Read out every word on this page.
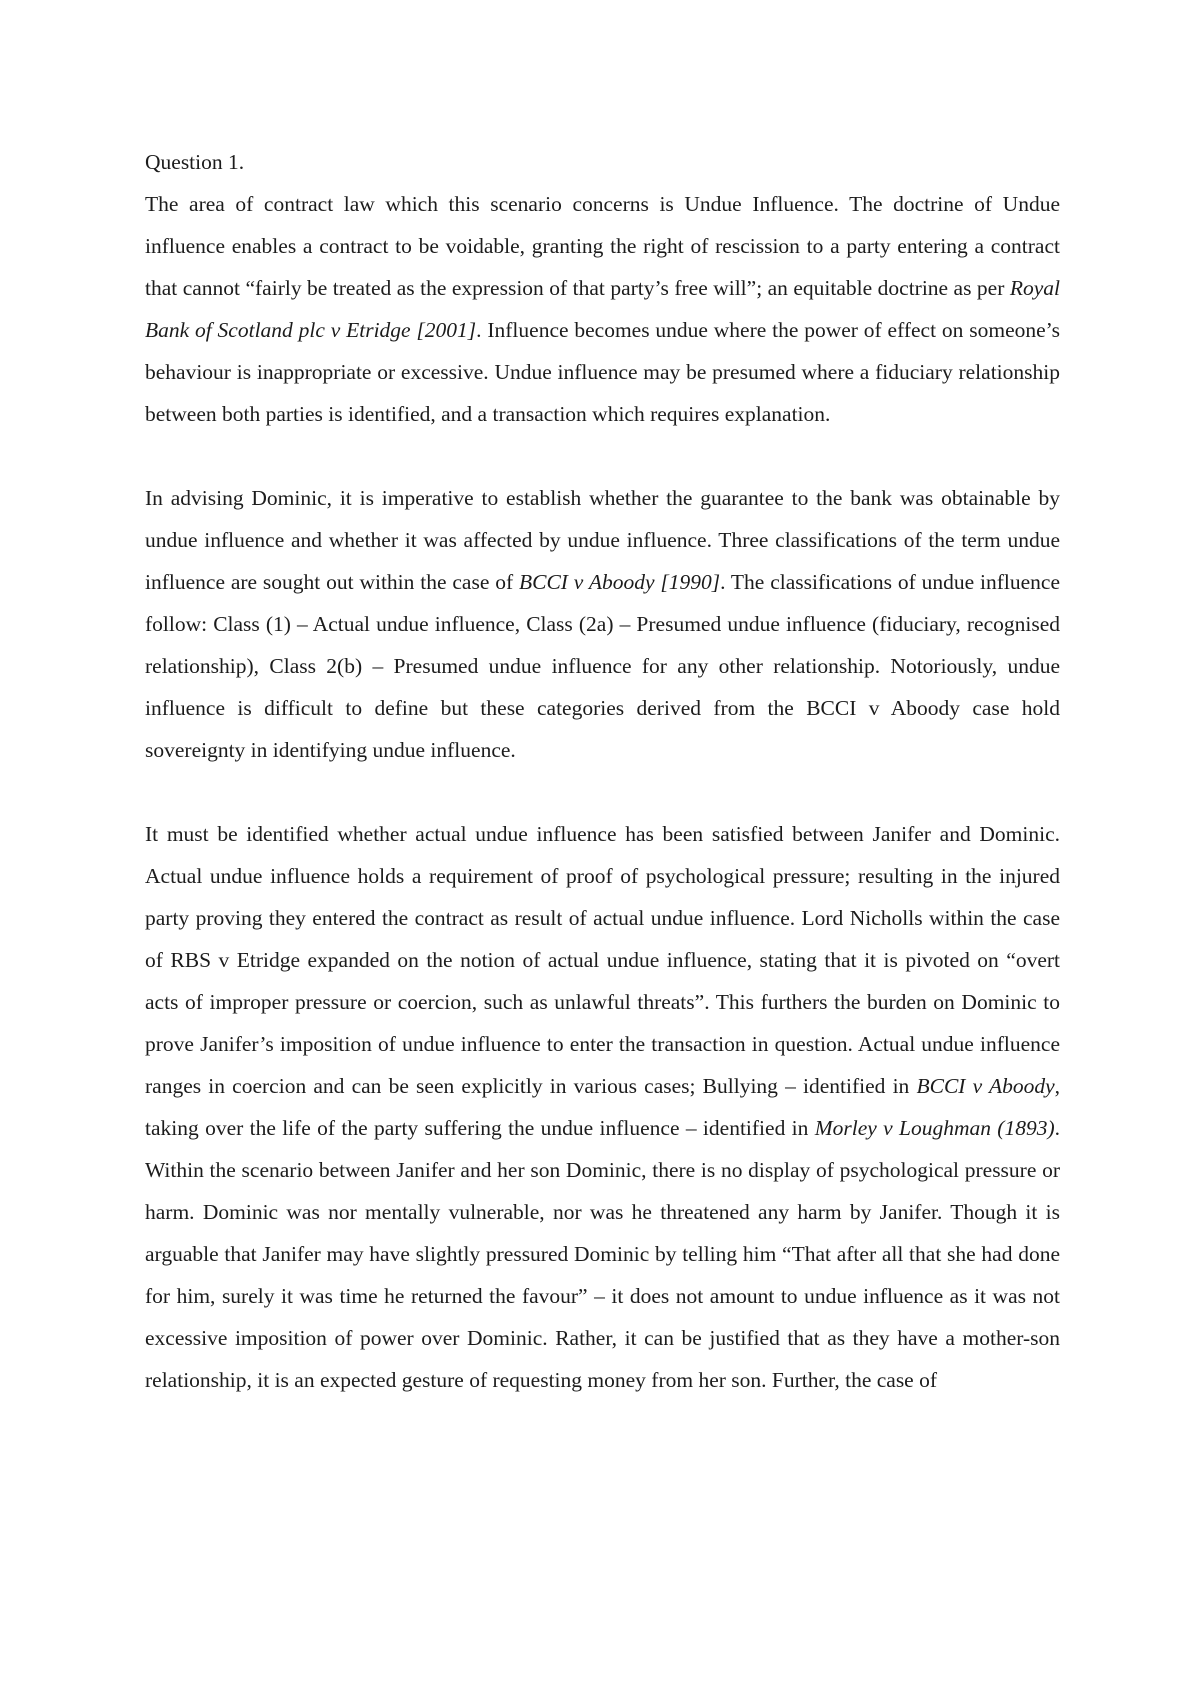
Question 1.

The area of contract law which this scenario concerns is Undue Influence. The doctrine of Undue influence enables a contract to be voidable, granting the right of rescission to a party entering a contract that cannot “fairly be treated as the expression of that party’s free will”; an equitable doctrine as per Royal Bank of Scotland plc v Etridge [2001]. Influence becomes undue where the power of effect on someone’s behaviour is inappropriate or excessive. Undue influence may be presumed where a fiduciary relationship between both parties is identified, and a transaction which requires explanation.

In advising Dominic, it is imperative to establish whether the guarantee to the bank was obtainable by undue influence and whether it was affected by undue influence. Three classifications of the term undue influence are sought out within the case of BCCI v Aboody [1990]. The classifications of undue influence follow: Class (1) – Actual undue influence, Class (2a) – Presumed undue influence (fiduciary, recognised relationship), Class 2(b) – Presumed undue influence for any other relationship. Notoriously, undue influence is difficult to define but these categories derived from the BCCI v Aboody case hold sovereignty in identifying undue influence.

It must be identified whether actual undue influence has been satisfied between Janifer and Dominic. Actual undue influence holds a requirement of proof of psychological pressure; resulting in the injured party proving they entered the contract as result of actual undue influence. Lord Nicholls within the case of RBS v Etridge expanded on the notion of actual undue influence, stating that it is pivoted on “overt acts of improper pressure or coercion, such as unlawful threats”. This furthers the burden on Dominic to prove Janifer’s imposition of undue influence to enter the transaction in question. Actual undue influence ranges in coercion and can be seen explicitly in various cases; Bullying – identified in BCCI v Aboody, taking over the life of the party suffering the undue influence – identified in Morley v Loughman (1893). Within the scenario between Janifer and her son Dominic, there is no display of psychological pressure or harm. Dominic was nor mentally vulnerable, nor was he threatened any harm by Janifer. Though it is arguable that Janifer may have slightly pressured Dominic by telling him “That after all that she had done for him, surely it was time he returned the favour” – it does not amount to undue influence as it was not excessive imposition of power over Dominic. Rather, it can be justified that as they have a mother-son relationship, it is an expected gesture of requesting money from her son. Further, the case of
